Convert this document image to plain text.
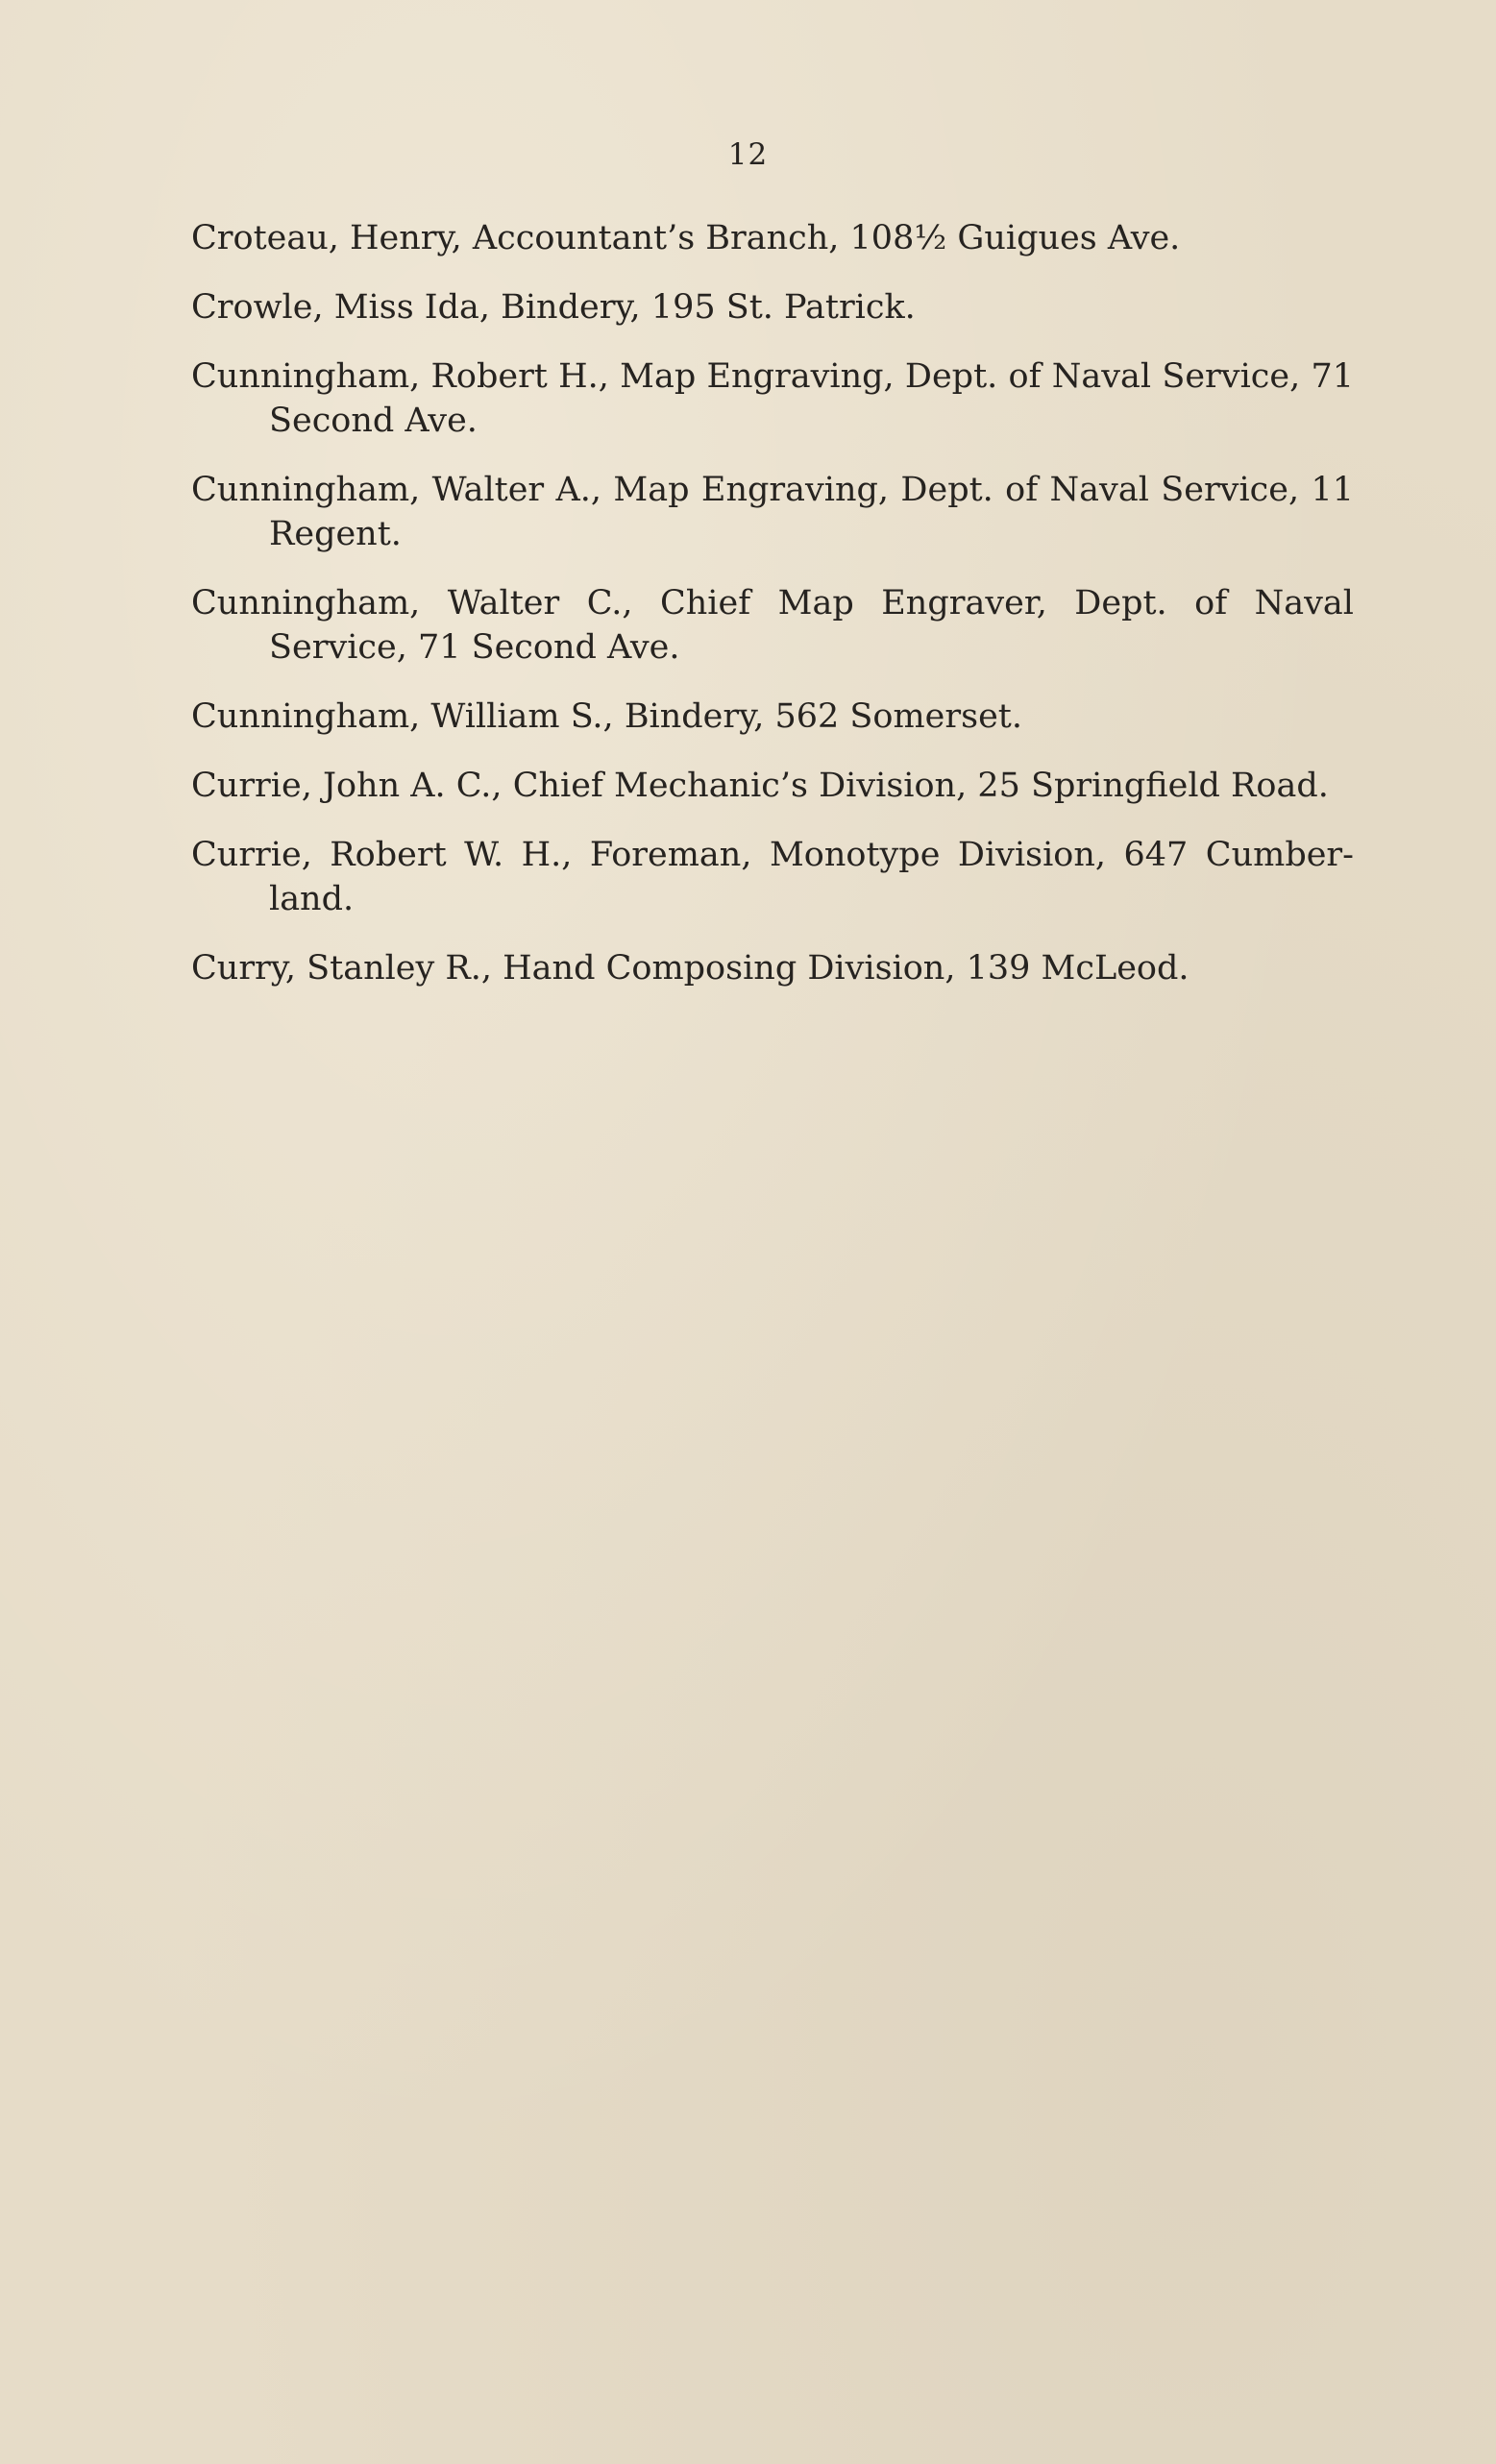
12

Croteau, Henry, Accountant’s Branch, 108½ Guigues Ave.

Crowle, Miss Ida, Bindery, 195 St. Patrick.

Cunningham, Robert H., Map Engraving, Dept. of Naval Service, 71 Second Ave.

Cunningham, Walter A., Map Engraving, Dept. of Naval Service, 11 Regent.

Cunningham, Walter C., Chief Map Engraver, Dept. of Naval Service, 71 Second Ave.

Cunningham, William S., Bindery, 562 Somerset.

Currie, John A. C., Chief Mechanic’s Division, 25 Springfield Road.

Currie, Robert W. H., Foreman, Monotype Division, 647 Cumberland.

Curry, Stanley R., Hand Composing Division, 139 McLeod.
